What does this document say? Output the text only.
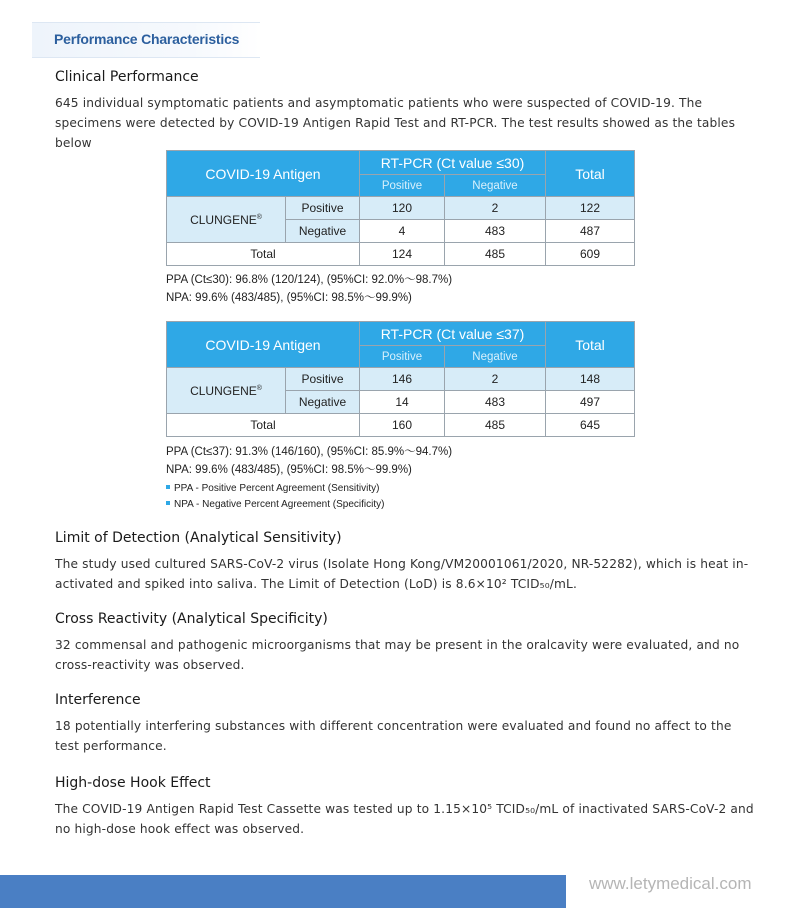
Performance Characteristics
Clinical Performance
645 individual symptomatic patients and asymptomatic patients who were suspected of COVID-19. The specimens were detected by COVID-19 Antigen Rapid Test and RT-PCR. The test results showed as the tables below
COVID-19 Antigen		RT-PCR (Ct value ≤30)		Total
		Positive	Negative	
CLUNGENE®	Positive	120	2	122
	Negative	4	483	487
Total		124	485	609
PPA (Ct≤30): 96.8% (120/124), (95%CI: 92.0%～98.7%)
NPA: 99.6% (483/485), (95%CI: 98.5%～99.9%)
COVID-19 Antigen		RT-PCR (Ct value ≤37)		Total
		Positive	Negative	
CLUNGENE®	Positive	146	2	148
	Negative	14	483	497
Total		160	485	645
PPA (Ct≤37): 91.3% (146/160), (95%CI: 85.9%～94.7%)
NPA: 99.6% (483/485), (95%CI: 98.5%～99.9%)
PPA - Positive Percent Agreement (Sensitivity)
NPA - Negative Percent Agreement (Specificity)
Limit of Detection (Analytical Sensitivity)
The study used cultured SARS-CoV-2 virus (Isolate Hong Kong/VM20001061/2020, NR-52282), which is heat in-activated and spiked into saliva. The Limit of Detection (LoD) is 8.6×10² TCID₅₀/mL.
Cross Reactivity (Analytical Specificity)
32 commensal and pathogenic microorganisms that may be present in the oralcavity were evaluated, and no cross-reactivity was observed.
Interference
18 potentially interfering substances with different concentration were evaluated and found no affect to the test performance.
High-dose Hook Effect
The COVID-19 Antigen Rapid Test Cassette was tested up to 1.15×10⁵ TCID₅₀/mL of inactivated SARS-CoV-2 and no high-dose hook effect was observed.
www.letymedical.com
